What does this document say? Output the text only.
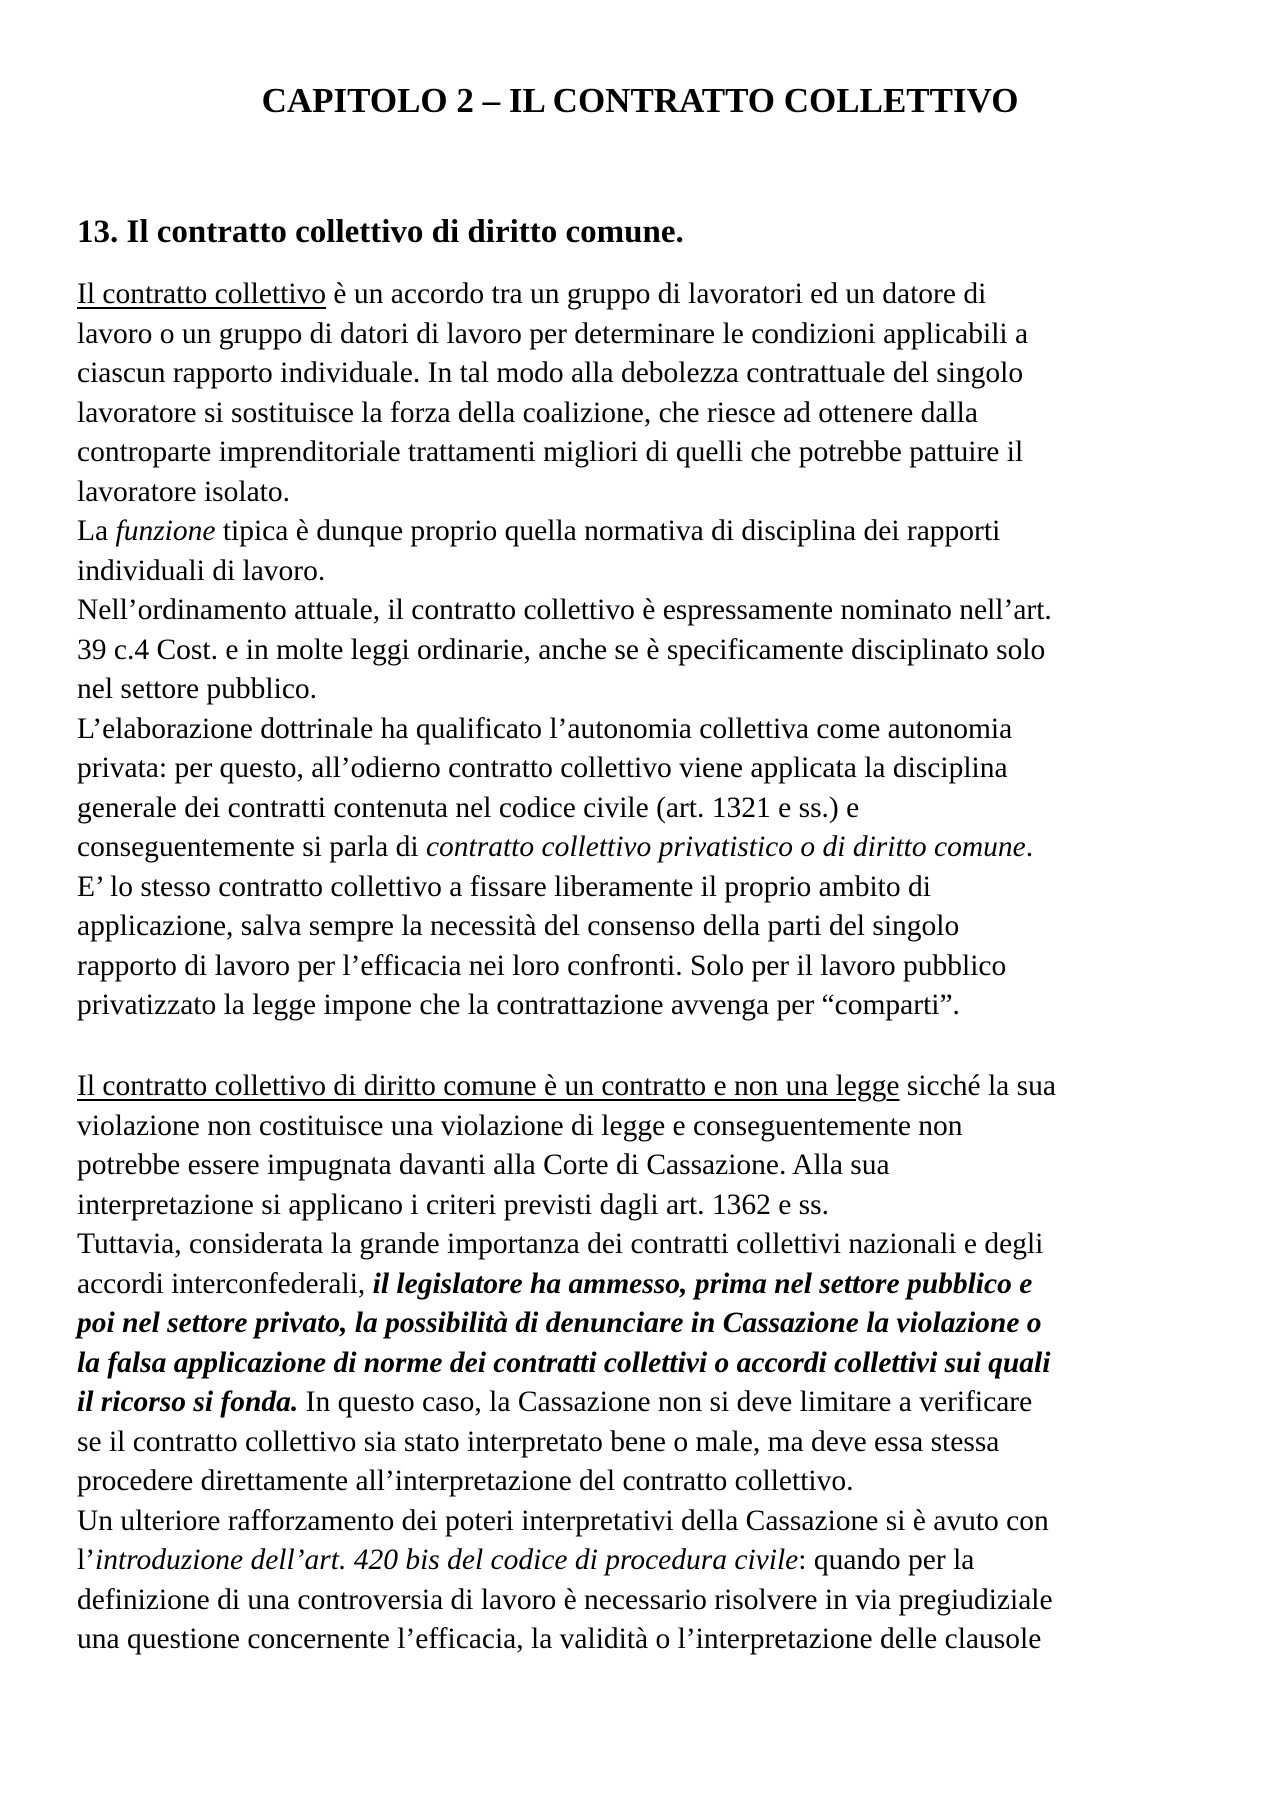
CAPITOLO 2 – IL CONTRATTO COLLETTIVO
13. Il contratto collettivo di diritto comune.
Il contratto collettivo è un accordo tra un gruppo di lavoratori ed un datore di
lavoro o un gruppo di datori di lavoro per determinare le condizioni applicabili a
ciascun rapporto individuale. In tal modo alla debolezza contrattuale del singolo
lavoratore si sostituisce la forza della coalizione, che riesce ad ottenere dalla
controparte imprenditoriale trattamenti migliori di quelli che potrebbe pattuire il
lavoratore isolato.
La funzione tipica è dunque proprio quella normativa di disciplina dei rapporti
individuali di lavoro.
Nell’ordinamento attuale, il contratto collettivo è espressamente nominato nell’art.
39 c.4 Cost. e in molte leggi ordinarie, anche se è specificamente disciplinato solo
nel settore pubblico.
L’elaborazione dottrinale ha qualificato l’autonomia collettiva come autonomia
privata: per questo, all’odierno contratto collettivo viene applicata la disciplina
generale dei contratti contenuta nel codice civile (art. 1321 e ss.) e
conseguentemente si parla di contratto collettivo privatistico o di diritto comune.
E’ lo stesso contratto collettivo a fissare liberamente il proprio ambito di
applicazione, salva sempre la necessità del consenso della parti del singolo
rapporto di lavoro per l’efficacia nei loro confronti. Solo per il lavoro pubblico
privatizzato la legge impone che la contrattazione avvenga per “comparti”.
Il contratto collettivo di diritto comune è un contratto e non una legge sicché la sua
violazione non costituisce una violazione di legge e conseguentemente non
potrebbe essere impugnata davanti alla Corte di Cassazione. Alla sua
interpretazione si applicano i criteri previsti dagli art. 1362 e ss.
Tuttavia, considerata la grande importanza dei contratti collettivi nazionali e degli
accordi interconfederali, il legislatore ha ammesso, prima nel settore pubblico e
poi nel settore privato, la possibilità di denunciare in Cassazione la violazione o
la falsa applicazione di norme dei contratti collettivi o accordi collettivi sui quali
il ricorso si fonda. In questo caso, la Cassazione non si deve limitare a verificare
se il contratto collettivo sia stato interpretato bene o male, ma deve essa stessa
procedere direttamente all’interpretazione del contratto collettivo.
Un ulteriore rafforzamento dei poteri interpretativi della Cassazione si è avuto con
l’introduzione dell’art. 420 bis del codice di procedura civile: quando per la
definizione di una controversia di lavoro è necessario risolvere in via pregiudiziale
una questione concernente l’efficacia, la validità o l’interpretazione delle clausole
